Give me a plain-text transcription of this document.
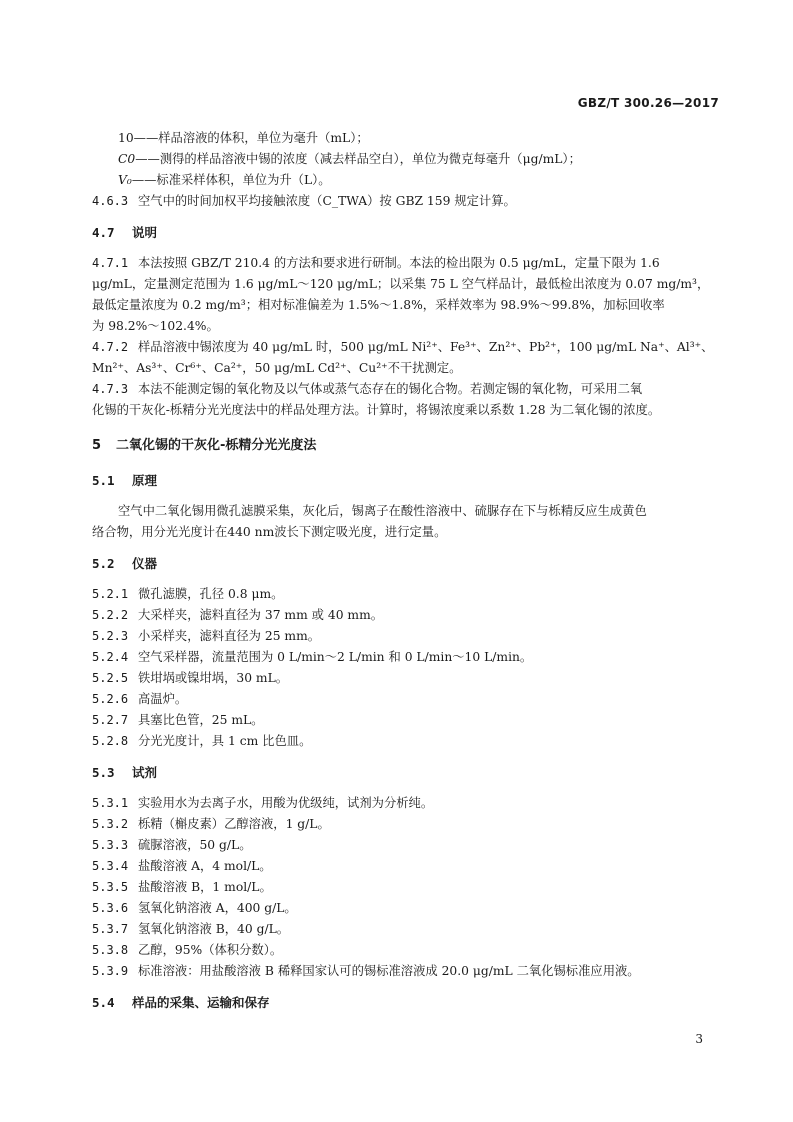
GBZ/T 300.26—2017
10——样品溶液的体积，单位为毫升（mL）；
C0——测得的样品溶液中锡的浓度（减去样品空白），单位为微克每毫升（μg/mL）；
V₀——标准采样体积，单位为升（L）。
4.6.3 空气中的时间加权平均接触浓度（C_TWA）按 GBZ 159 规定计算。
4.7 说明
4.7.1 本法按照 GBZ/T 210.4 的方法和要求进行研制。本法的检出限为 0.5 μg/mL，定量下限为 1.6
μg/mL，定量测定范围为 1.6 μg/mL～120 μg/mL；以采集 75 L 空气样品计，最低检出浓度为 0.07 mg/m³，
最低定量浓度为 0.2 mg/m³；相对标准偏差为 1.5%～1.8%，采样效率为 98.9%～99.8%，加标回收率
为 98.2%～102.4%。
4.7.2 样品溶液中锡浓度为 40 μg/mL 时，500 μg/mL Ni²⁺、Fe³⁺、Zn²⁺、Pb²⁺，100 μg/mL Na⁺、Al³⁺、
Mn²⁺、As³⁺、Cr⁶⁺、Ca²⁺，50 μg/mL Cd²⁺、Cu²⁺不干扰测定。
4.7.3 本法不能测定锡的氧化物及以气体或蒸气态存在的锡化合物。若测定锡的氧化物，可采用二氧
化锡的干灰化-栎精分光光度法中的样品处理方法。计算时，将锡浓度乘以系数 1.28 为二氧化锡的浓度。
5 二氧化锡的干灰化-栎精分光光度法
5.1 原理
空气中二氧化锡用微孔滤膜采集，灰化后，锡离子在酸性溶液中、硫脲存在下与栎精反应生成黄色
络合物，用分光光度计在440 nm波长下测定吸光度，进行定量。
5.2 仪器
5.2.1 微孔滤膜，孔径 0.8 μm。
5.2.2 大采样夹，滤料直径为 37 mm 或 40 mm。
5.2.3 小采样夹，滤料直径为 25 mm。
5.2.4 空气采样器，流量范围为 0 L/min～2 L/min 和 0 L/min～10 L/min。
5.2.5 铁坩埚或镍坩埚，30 mL。
5.2.6 高温炉。
5.2.7 具塞比色管，25 mL。
5.2.8 分光光度计，具 1 cm 比色皿。
5.3 试剂
5.3.1 实验用水为去离子水，用酸为优级纯，试剂为分析纯。
5.3.2 栎精（槲皮素）乙醇溶液，1 g/L。
5.3.3 硫脲溶液，50 g/L。
5.3.4 盐酸溶液 A，4 mol/L。
5.3.5 盐酸溶液 B，1 mol/L。
5.3.6 氢氧化钠溶液 A，400 g/L。
5.3.7 氢氧化钠溶液 B，40 g/L。
5.3.8 乙醇，95%（体积分数）。
5.3.9 标准溶液：用盐酸溶液 B 稀释国家认可的锡标准溶液成 20.0 μg/mL 二氧化锡标准应用液。
5.4 样品的采集、运输和保存
3
